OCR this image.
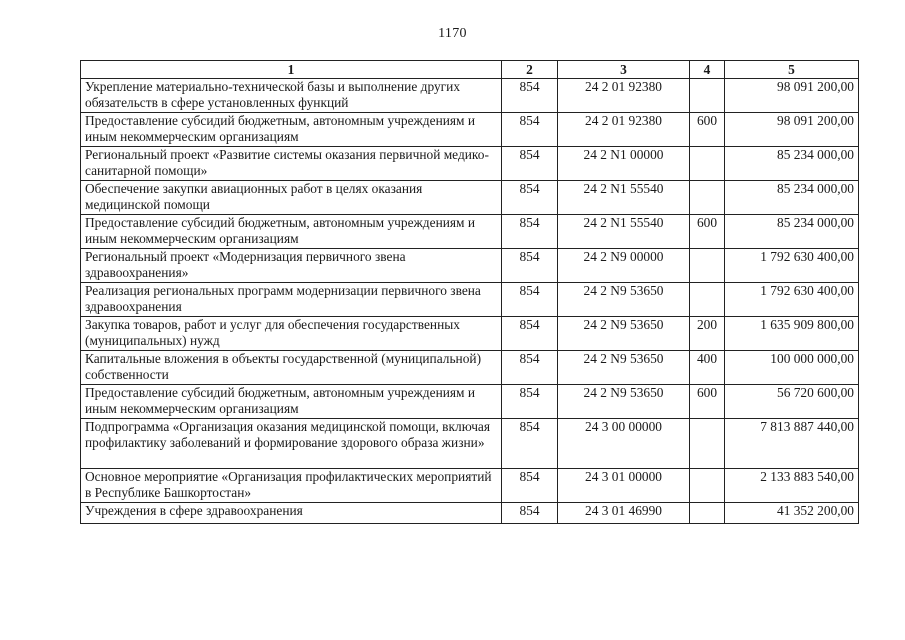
1170
1	2	3	4	5
Укрепление материально-технической базы и выполнение других обязательств в сфере установленных функций	854	24 2 01 92380		98 091 200,00
Предоставление субсидий бюджетным, автономным учреждениям и иным некоммерческим организациям	854	24 2 01 92380	600	98 091 200,00
Региональный проект «Развитие системы оказания первичной медико-санитарной помощи»	854	24 2 N1 00000		85 234 000,00
Обеспечение закупки авиационных работ в целях оказания медицинской помощи	854	24 2 N1 55540		85 234 000,00
Предоставление субсидий бюджетным, автономным учреждениям и иным некоммерческим организациям	854	24 2 N1 55540	600	85 234 000,00
Региональный проект «Модернизация первичного звена здравоохранения»	854	24 2 N9 00000		1 792 630 400,00
Реализация региональных программ модернизации первичного звена здравоохранения	854	24 2 N9 53650		1 792 630 400,00
Закупка товаров, работ и услуг для обеспечения государственных (муниципальных) нужд	854	24 2 N9 53650	200	1 635 909 800,00
Капитальные вложения в объекты государственной (муниципальной) собственности	854	24 2 N9 53650	400	100 000 000,00
Предоставление субсидий бюджетным, автономным учреждениям и иным некоммерческим организациям	854	24 2 N9 53650	600	56 720 600,00
Подпрограмма «Организация оказания медицинской помощи, включая профилактику заболеваний и формирование здорового образа жизни»	854	24 3 00 00000		7 813 887 440,00
Основное мероприятие «Организация профилактических мероприятий в Республике Башкортостан»	854	24 3 01 00000		2 133 883 540,00
Учреждения в сфере здравоохранения	854	24 3 01 46990		41 352 200,00
